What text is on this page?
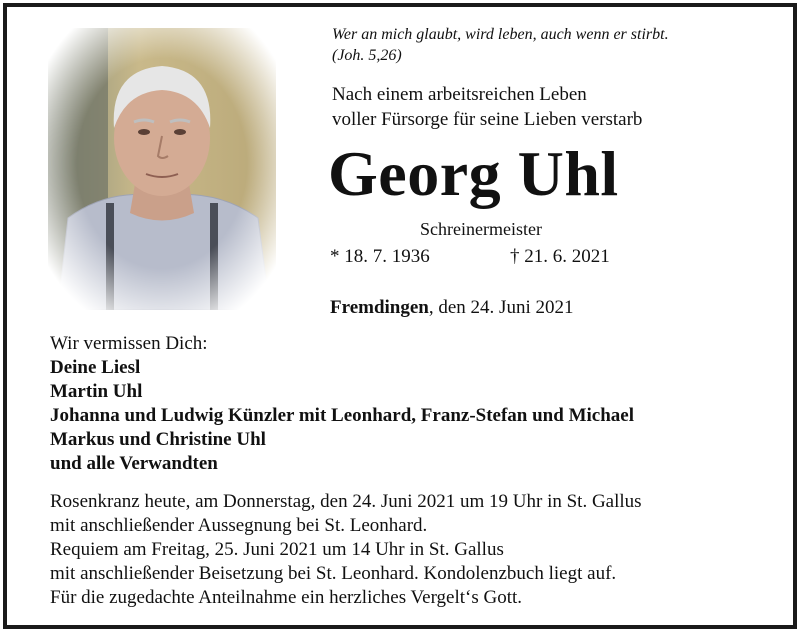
Wer an mich glaubt, wird leben, auch wenn er stirbt.
(Joh. 5,26)
Nach einem arbeitsreichen Leben
voller Fürsorge für seine Lieben verstarb
Georg Uhl
Schreinermeister
* 18. 7. 1936	† 21. 6. 2021
Fremdingen, den 24. Juni 2021
Wir vermissen Dich:
Deine Liesl
Martin Uhl
Johanna und Ludwig Künzler mit Leonhard, Franz-Stefan und Michael
Markus und Christine Uhl
und alle Verwandten
Rosenkranz heute, am Donnerstag, den 24. Juni 2021 um 19 Uhr in St. Gallus
mit anschließender Aussegnung bei St. Leonhard.
Requiem am Freitag, 25. Juni 2021 um 14 Uhr in St. Gallus
mit anschließender Beisetzung bei St. Leonhard. Kondolenzbuch liegt auf.
Für die zugedachte Anteilnahme ein herzliches Vergelt‘s Gott.
